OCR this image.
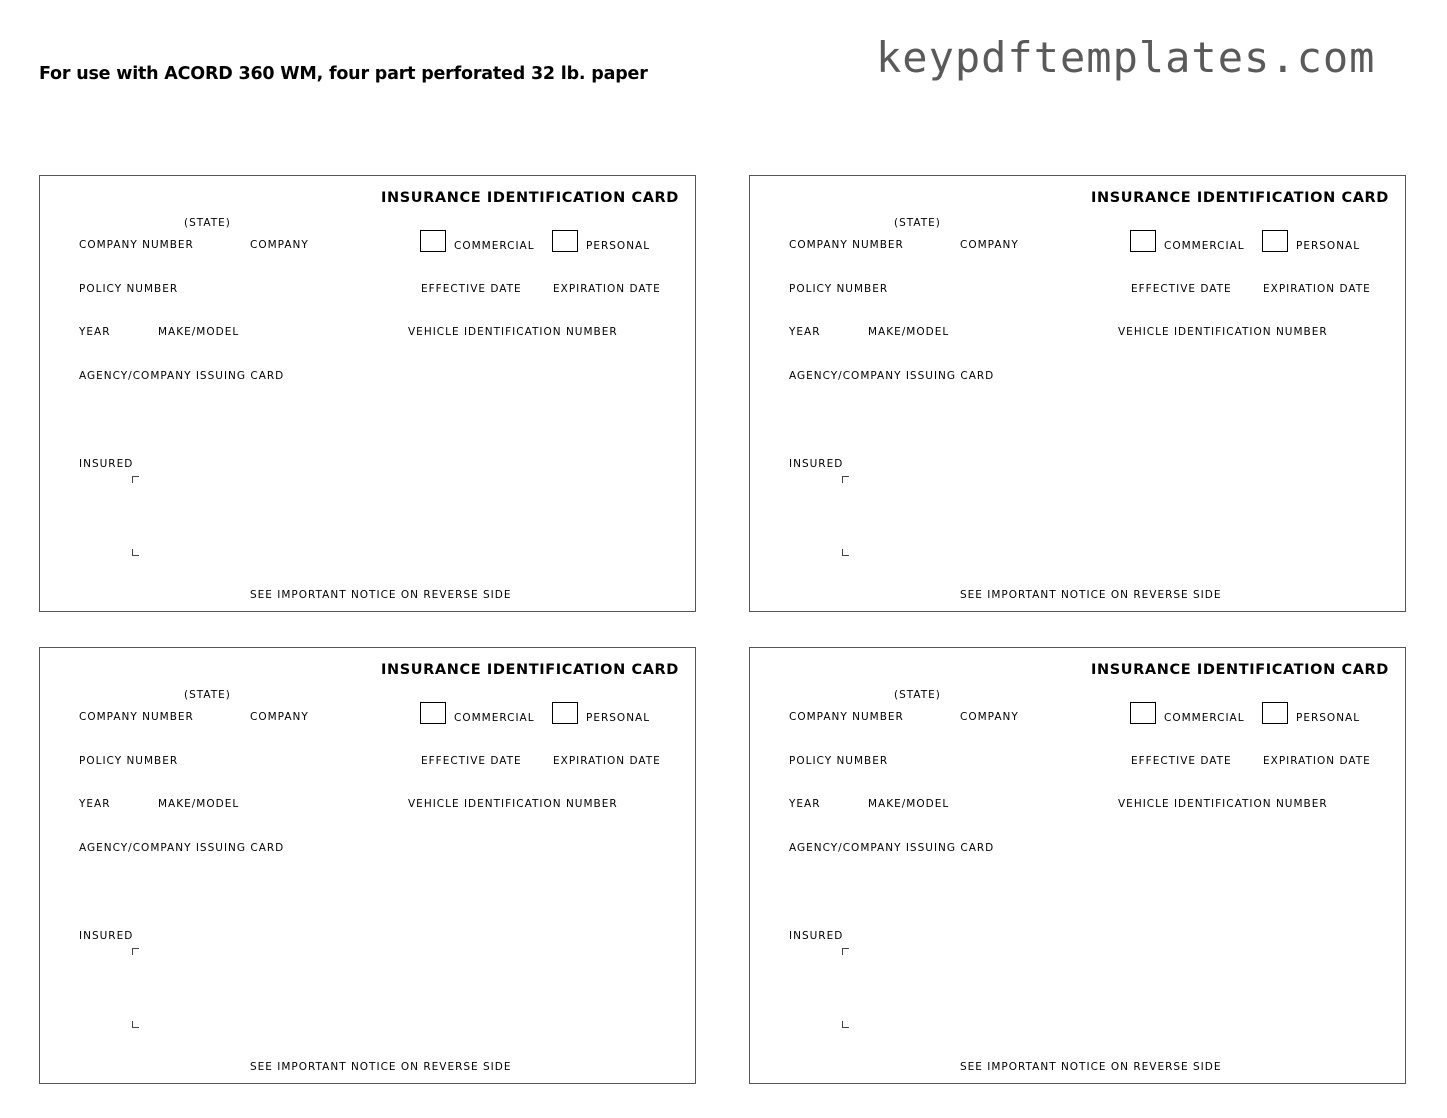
For use with ACORD 360 WM, four part perforated 32 lb. paper	keypdftemplates.com
INSURANCE IDENTIFICATION CARD
(STATE)
COMPANY NUMBER	COMPANY	COMMERCIAL	PERSONAL
POLICY NUMBER	EFFECTIVE DATE	EXPIRATION DATE
YEAR	MAKE/MODEL	VEHICLE IDENTIFICATION NUMBER
AGENCY/COMPANY ISSUING CARD
INSURED
SEE IMPORTANT NOTICE ON REVERSE SIDE
INSURANCE IDENTIFICATION CARD
(STATE)
COMPANY NUMBER	COMPANY	COMMERCIAL	PERSONAL
POLICY NUMBER	EFFECTIVE DATE	EXPIRATION DATE
YEAR	MAKE/MODEL	VEHICLE IDENTIFICATION NUMBER
AGENCY/COMPANY ISSUING CARD
INSURED
SEE IMPORTANT NOTICE ON REVERSE SIDE
INSURANCE IDENTIFICATION CARD
(STATE)
COMPANY NUMBER	COMPANY	COMMERCIAL	PERSONAL
POLICY NUMBER	EFFECTIVE DATE	EXPIRATION DATE
YEAR	MAKE/MODEL	VEHICLE IDENTIFICATION NUMBER
AGENCY/COMPANY ISSUING CARD
INSURED
SEE IMPORTANT NOTICE ON REVERSE SIDE
INSURANCE IDENTIFICATION CARD
(STATE)
COMPANY NUMBER	COMPANY	COMMERCIAL	PERSONAL
POLICY NUMBER	EFFECTIVE DATE	EXPIRATION DATE
YEAR	MAKE/MODEL	VEHICLE IDENTIFICATION NUMBER
AGENCY/COMPANY ISSUING CARD
INSURED
SEE IMPORTANT NOTICE ON REVERSE SIDE
